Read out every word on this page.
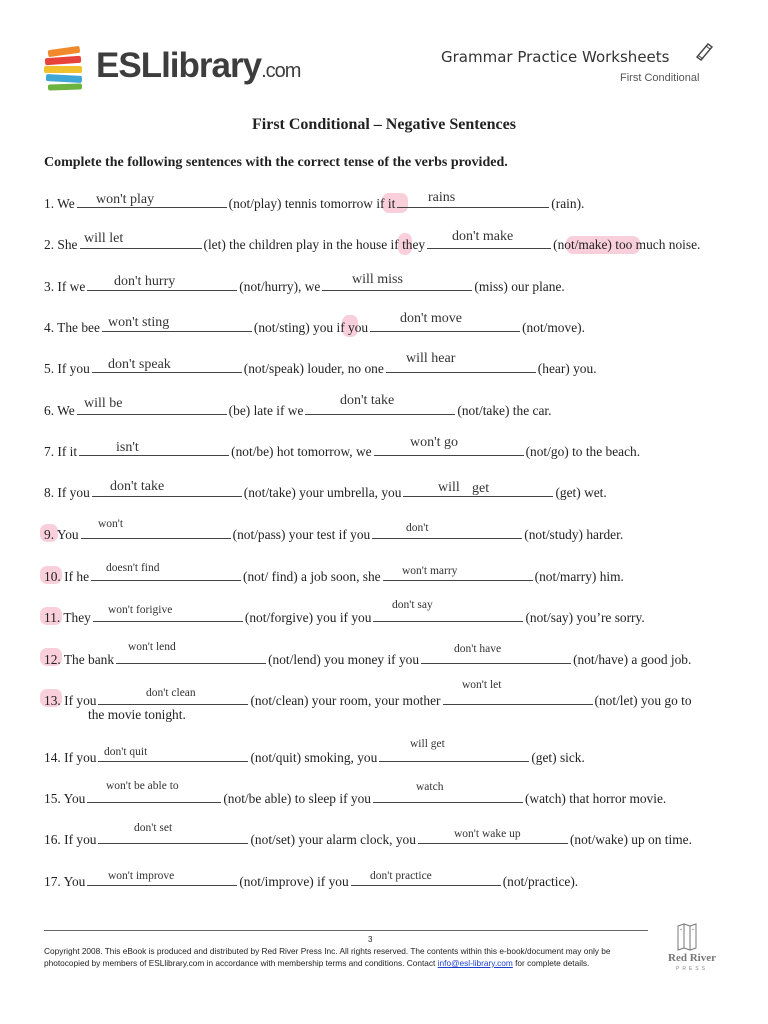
ESLlibrary.com
Grammar Practice Worksheets
First Conditional
First Conditional – Negative Sentences
Complete the following sentences with the correct tense of the verbs provided.
1. We	(not/play) tennis tomorrow if it	(rain).
2. She	(let) the children play in the house if they	(not/make) too much noise.
3. If we	(not/hurry), we	(miss) our plane.
4. The bee	(not/sting) you if you	(not/move).
5. If you	(not/speak) louder, no one	(hear) you.
6. We	(be) late if we	(not/take) the car.
7. If it	(not/be) hot tomorrow, we	(not/go) to the beach.
8. If you	(not/take) your umbrella, you	(get) wet.
9. You	(not/pass) your test if you	(not/study) harder.
10. If he	(not/ find) a job soon, she	(not/marry) him.
11. They	(not/forgive) you if you	(not/say) you’re sorry.
12. The bank	(not/lend) you money if you	(not/have) a good job.
13. If you	(not/clean) your room, your mother	(not/let) you go to
the movie tonight.
14. If you	(not/quit) smoking, you	(get) sick.
15. You	(not/be able) to sleep if you	(watch) that horror movie.
16. If you	(not/set) your alarm clock, you	(not/wake) up on time.
17. You	(not/improve) if you	(not/practice).
won't play	rains
will let	don't make
don't hurry	will miss
won't sting	don't move
don't speak	will hear
will be	don't take
isn't	won't go
don't take	will get
won't	don't
doesn't find	won't marry
won't forigive	don't say
won't lend	don't have
don't clean
won't let
don't quit
will get
won't be able to	watch
don't set	won't wake up
won't improve	don't practice
3
Copyright 2008. This eBook is produced and distributed by Red River Press Inc. All rights reserved. The contents within this e-book/document may only be
photocopied by members of ESLlibrary.com in accordance with membership terms and conditions. Contact info@esl-library.com for complete details.	Red River
PRESS
